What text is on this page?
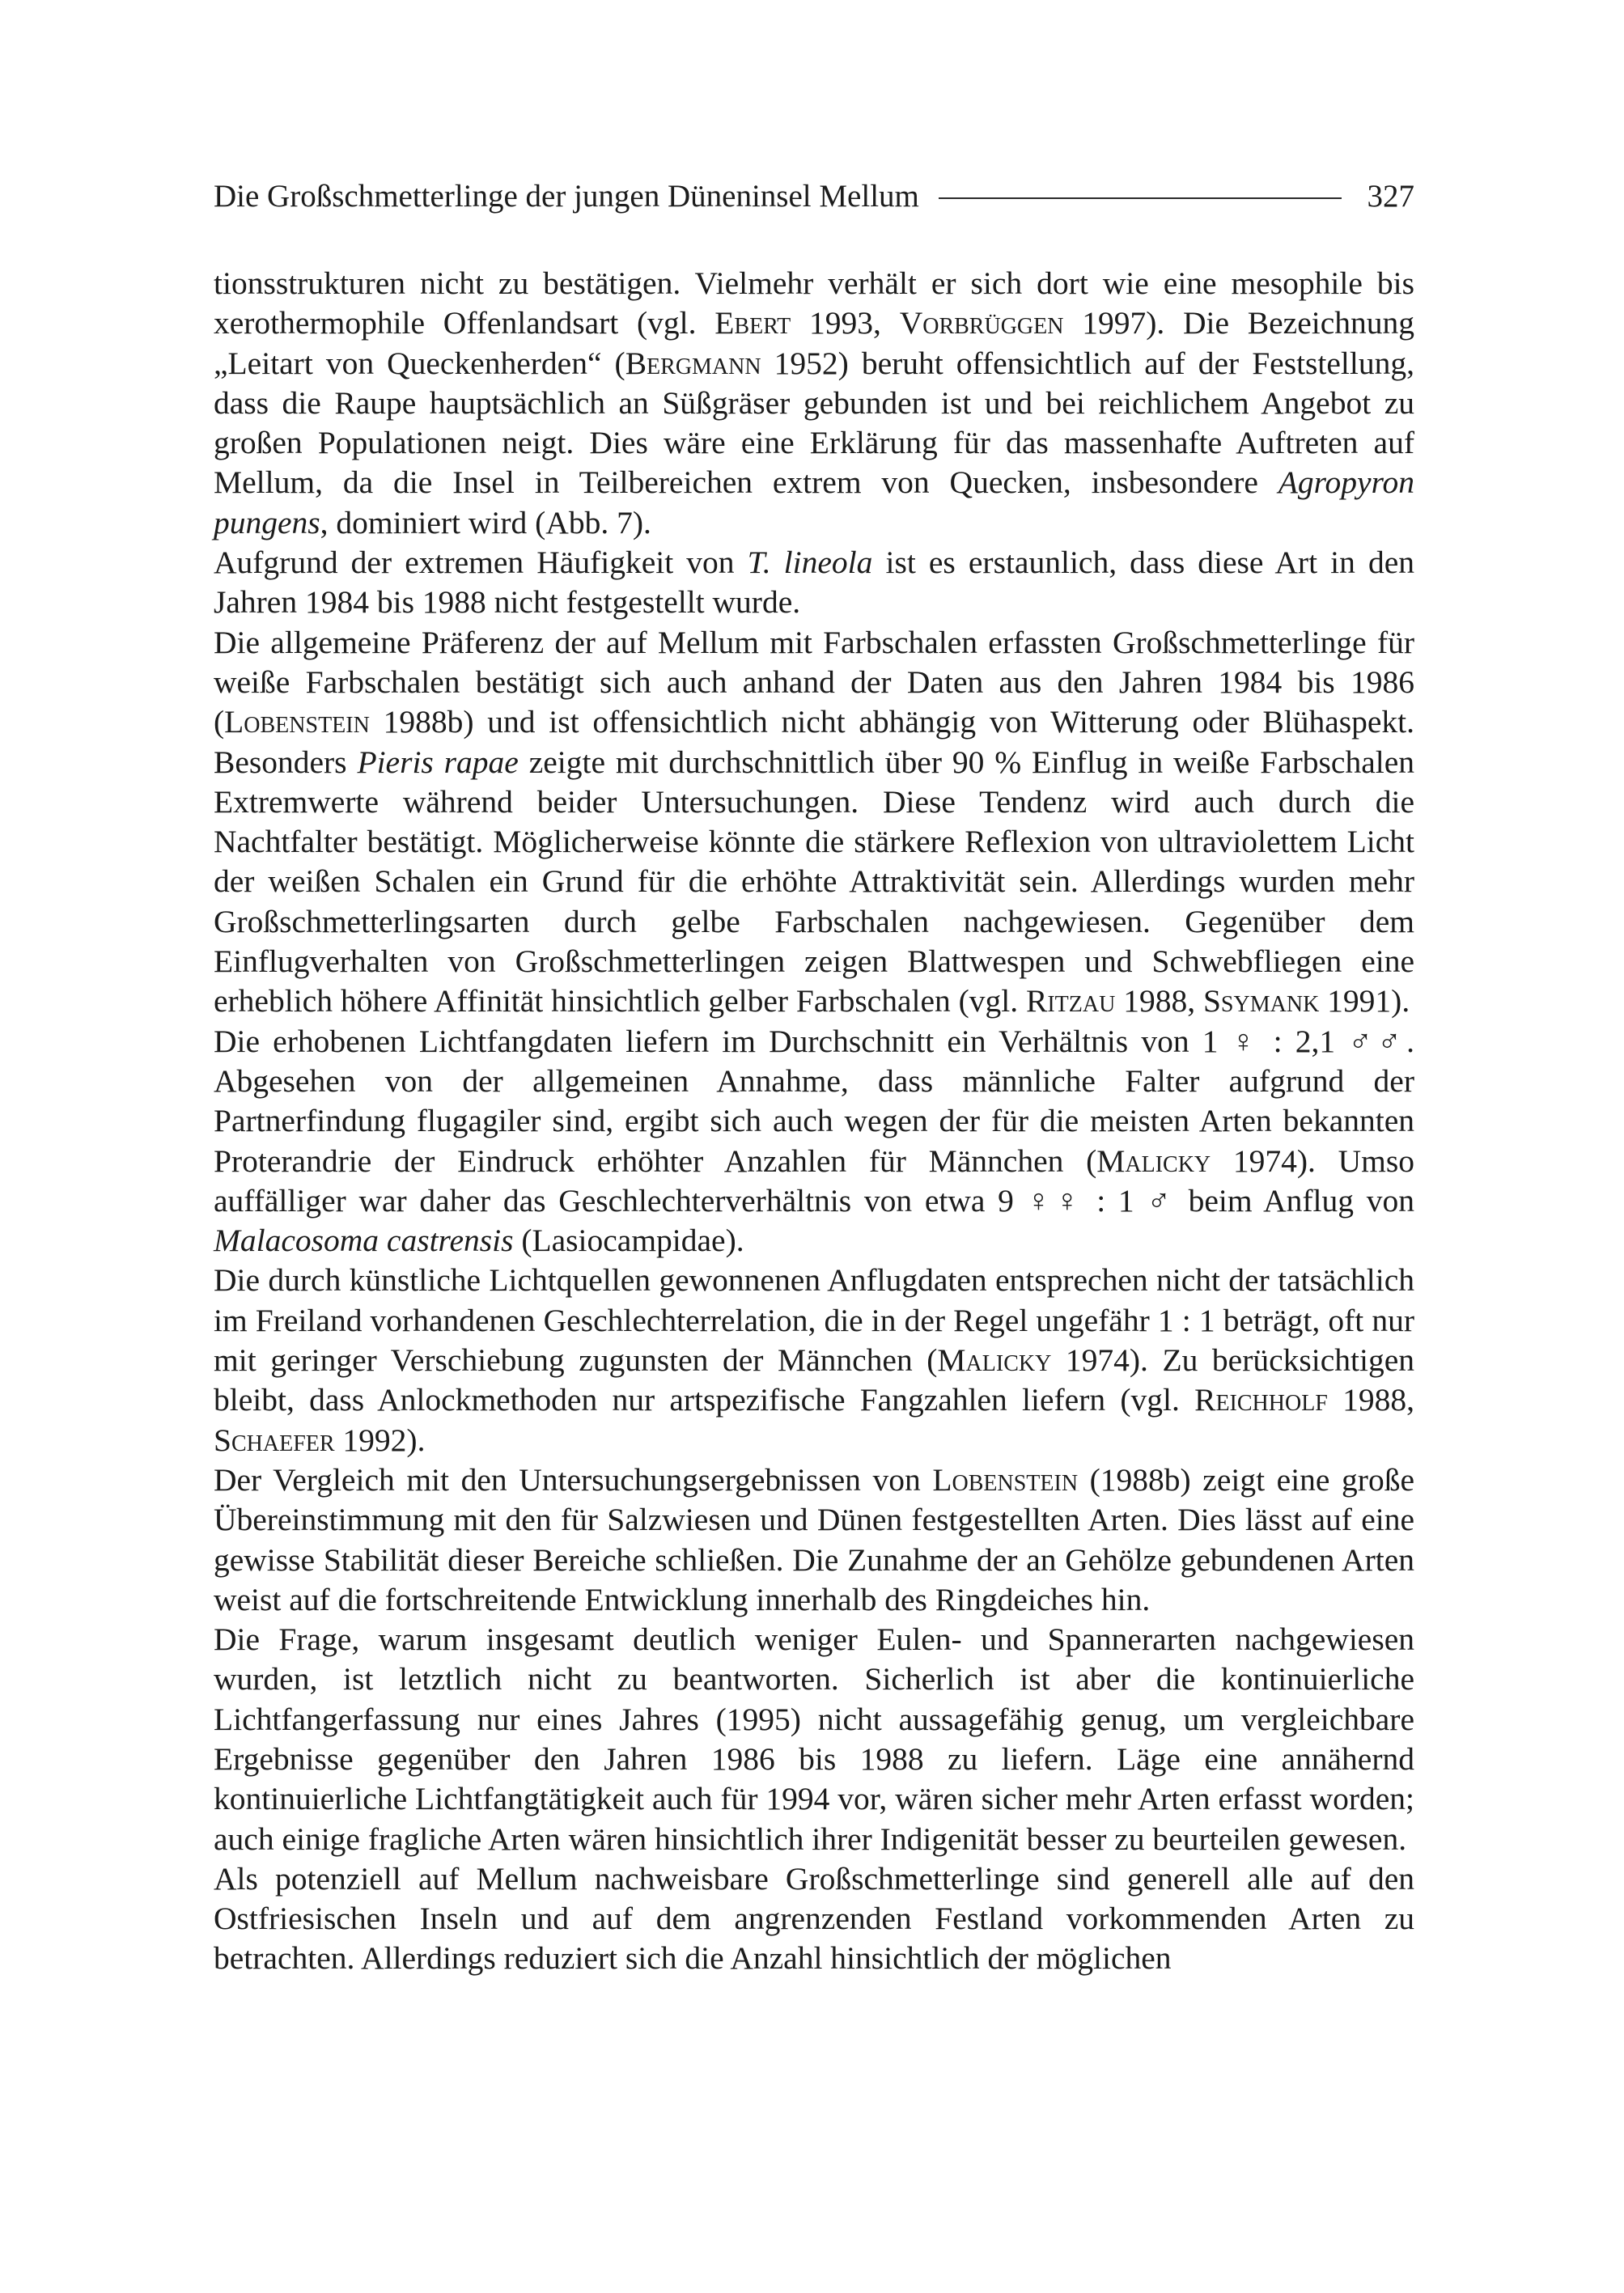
Die Großschmetterlinge der jungen Düneninsel Mellum	327

tionsstrukturen nicht zu bestätigen. Vielmehr verhält er sich dort wie eine mesophile bis xerothermophile Offenlandsart (vgl. Ebert 1993, Vorbrüggen 1997). Die Bezeichnung „Leitart von Queckenherden“ (Bergmann 1952) beruht offensichtlich auf der Feststellung, dass die Raupe hauptsächlich an Süßgräser gebunden ist und bei reichlichem Angebot zu großen Populationen neigt. Dies wäre eine Erklärung für das massenhafte Auftreten auf Mellum, da die Insel in Teilbereichen extrem von Quecken, insbesondere Agropyron pungens, dominiert wird (Abb. 7).

Aufgrund der extremen Häufigkeit von T. lineola ist es erstaunlich, dass diese Art in den Jahren 1984 bis 1988 nicht festgestellt wurde.

Die allgemeine Präferenz der auf Mellum mit Farbschalen erfassten Großschmetterlinge für weiße Farbschalen bestätigt sich auch anhand der Daten aus den Jahren 1984 bis 1986 (Lobenstein 1988b) und ist offensichtlich nicht abhängig von Witterung oder Blühaspekt. Besonders Pieris rapae zeigte mit durchschnittlich über 90 % Einflug in weiße Farbschalen Extremwerte während beider Untersuchungen. Diese Tendenz wird auch durch die Nachtfalter bestätigt. Möglicherweise könnte die stärkere Reflexion von ultraviolettem Licht der weißen Schalen ein Grund für die erhöhte Attraktivität sein. Allerdings wurden mehr Großschmetterlingsarten durch gelbe Farbschalen nachgewiesen. Gegenüber dem Einflugverhalten von Großschmetterlingen zeigen Blattwespen und Schwebfliegen eine erheblich höhere Affinität hinsichtlich gelber Farbschalen (vgl. Ritzau 1988, Ssymank 1991).

Die erhobenen Lichtfangdaten liefern im Durchschnitt ein Verhältnis von 1 ♀ : 2,1 ♂♂. Abgesehen von der allgemeinen Annahme, dass männliche Falter aufgrund der Partnerfindung flugagiler sind, ergibt sich auch wegen der für die meisten Arten bekannten Proterandrie der Eindruck erhöhter Anzahlen für Männchen (Malicky 1974). Umso auffälliger war daher das Geschlechterverhältnis von etwa 9 ♀♀ : 1 ♂ beim Anflug von Malacosoma castrensis (Lasiocampidae).

Die durch künstliche Lichtquellen gewonnenen Anflugdaten entsprechen nicht der tatsächlich im Freiland vorhandenen Geschlechterrelation, die in der Regel ungefähr 1 : 1 beträgt, oft nur mit geringer Verschiebung zugunsten der Männchen (Malicky 1974). Zu berücksichtigen bleibt, dass Anlockmethoden nur artspezifische Fangzahlen liefern (vgl. Reichholf 1988, Schaefer 1992).

Der Vergleich mit den Untersuchungsergebnissen von Lobenstein (1988b) zeigt eine große Übereinstimmung mit den für Salzwiesen und Dünen festgestellten Arten. Dies lässt auf eine gewisse Stabilität dieser Bereiche schließen. Die Zunahme der an Gehölze gebundenen Arten weist auf die fortschreitende Entwicklung innerhalb des Ringdeiches hin.

Die Frage, warum insgesamt deutlich weniger Eulen- und Spannerarten nachgewiesen wurden, ist letztlich nicht zu beantworten. Sicherlich ist aber die kontinuierliche Lichtfangerfassung nur eines Jahres (1995) nicht aussagefähig genug, um vergleichbare Ergebnisse gegenüber den Jahren 1986 bis 1988 zu liefern. Läge eine annähernd kontinuierliche Lichtfangtätigkeit auch für 1994 vor, wären sicher mehr Arten erfasst worden; auch einige fragliche Arten wären hinsichtlich ihrer Indigenität besser zu beurteilen gewesen.

Als potenziell auf Mellum nachweisbare Großschmetterlinge sind generell alle auf den Ostfriesischen Inseln und auf dem angrenzenden Festland vorkommenden Arten zu betrachten. Allerdings reduziert sich die Anzahl hinsichtlich der möglichen
